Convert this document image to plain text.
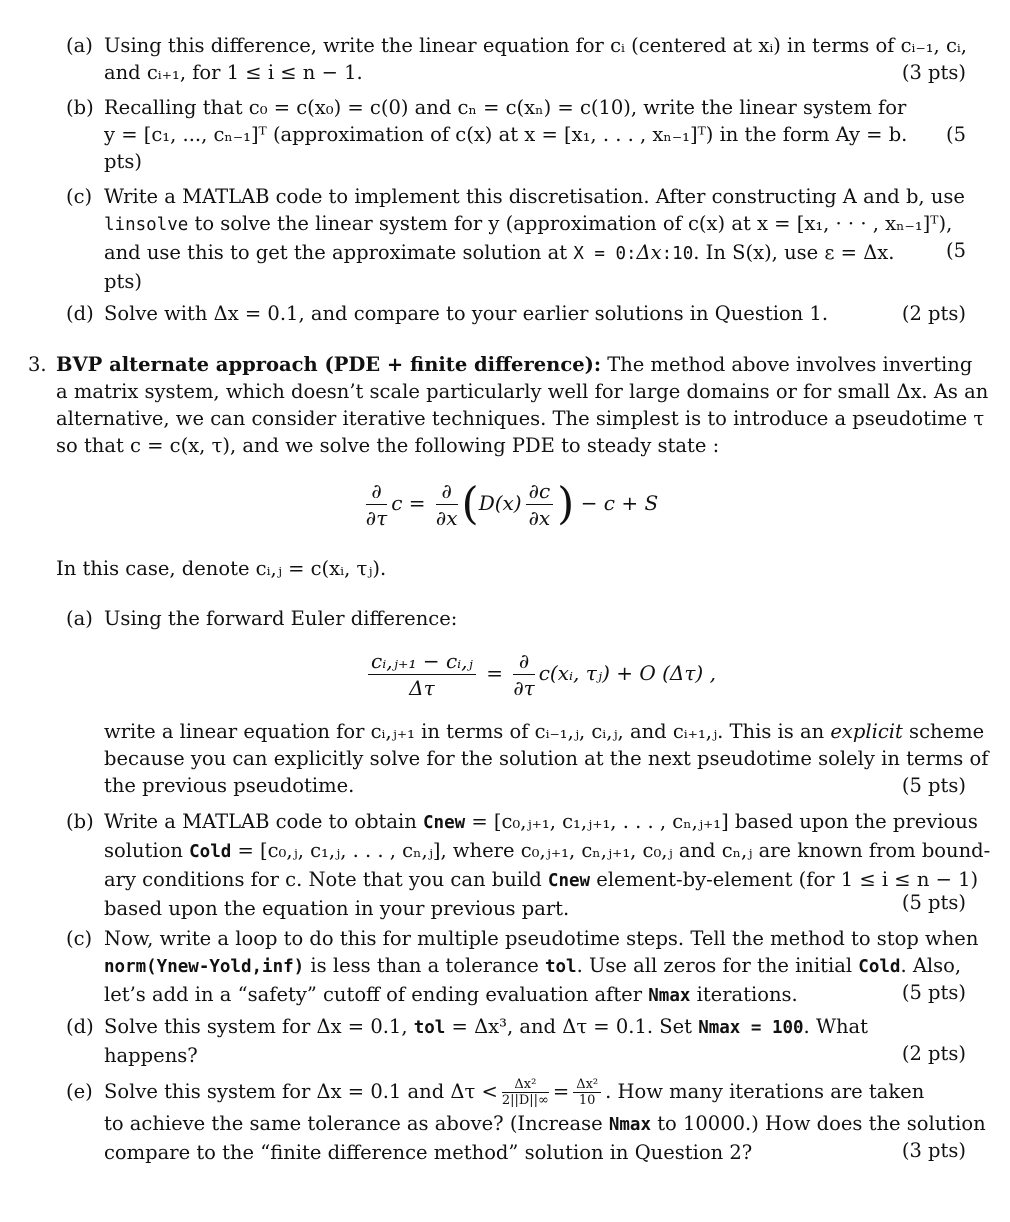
(a) Using this difference, write the linear equation for cᵢ (centered at xᵢ) in terms of cᵢ₋₁, cᵢ,
and cᵢ₊₁, for 1 ≤ i ≤ n − 1.	(3 pts)
(b) Recalling that c₀ = c(x₀) = c(0) and cₙ = c(xₙ) = c(10), write the linear system for
y = [c₁, ..., cₙ₋₁]ᵀ (approximation of c(x) at x = [x₁, . . . , xₙ₋₁]ᵀ) in the form Ay = b.
pts)
(5
(c) Write a MATLAB code to implement this discretisation. After constructing A and b, use
linsolve to solve the linear system for y (approximation of c(x) at x = [x₁, · · · , xₙ₋₁]ᵀ),
and use this to get the approximate solution at X = 0:Δx:10. In S(x), use ε = Δx.
pts)
(5
(d) Solve with Δx = 0.1, and compare to your earlier solutions in Question 1.	(2 pts)
3. BVP alternate approach (PDE + finite difference): The method above involves inverting
a matrix system, which doesn’t scale particularly well for large domains or for small Δx. As an
alternative, we can consider iterative techniques. The simplest is to introduce a pseudotime τ
so that c = c(x, τ), and we solve the following PDE to steady state :
$\frac{\partial}{\partial\tau}$ $c = \frac{\partial}{\partial x} (D(x) \frac{\partial c}{\partial x}$ ) − c + S
In this case, denote cᵢ,ⱼ = c(xᵢ, τⱼ).
(a) Using the forward Euler difference:
$\frac{\text{cᵢ,ⱼ₊₁ − cᵢ,ⱼ}}{\Delta\tau} = \frac{\partial}{\partial\tau}$ c(xᵢ, τⱼ) + O (Δτ) ,
write a linear equation for cᵢ,ⱼ₊₁ in terms of cᵢ₋₁,ⱼ, cᵢ,ⱼ, and cᵢ₊₁,ⱼ. This is an explicit scheme
because you can explicitly solve for the solution at the next pseudotime solely in terms of
the previous pseudotime.	(5 pts)
(b) Write a MATLAB code to obtain Cnew = [c₀,ⱼ₊₁, c₁,ⱼ₊₁, . . . , cₙ,ⱼ₊₁] based upon the previous
solution Cold = [c₀,ⱼ, c₁,ⱼ, . . . , cₙ,ⱼ], where c₀,ⱼ₊₁, cₙ,ⱼ₊₁, c₀,ⱼ and cₙ,ⱼ are known from bound-
ary conditions for c. Note that you can build Cnew element-by-element (for 1 ≤ i ≤ n − 1)
based upon the equation in your previous part.	(5 pts)
(c) Now, write a loop to do this for multiple pseudotime steps. Tell the method to stop when
norm(Ynew-Yold,inf) is less than a tolerance tol. Use all zeros for the initial Cold. Also,
let’s add in a “safety” cutoff of ending evaluation after Nmax iterations.	(5 pts)
(d) Solve this system for Δx = 0.1, tol = Δx³, and Δτ = 0.1. Set Nmax = 100. What
happens?	(2 pts)
(e) Solve this system for Δx = 0.1 and $\Delta\tau < \frac{\text{Δx²}}{2||D||\infty} = \frac{\text{Δx²}}{10}$ . How many iterations are taken
to achieve the same tolerance as above? (Increase Nmax to 10000.) How does the solution
compare to the “finite difference method” solution in Question 2?	(3 pts)
